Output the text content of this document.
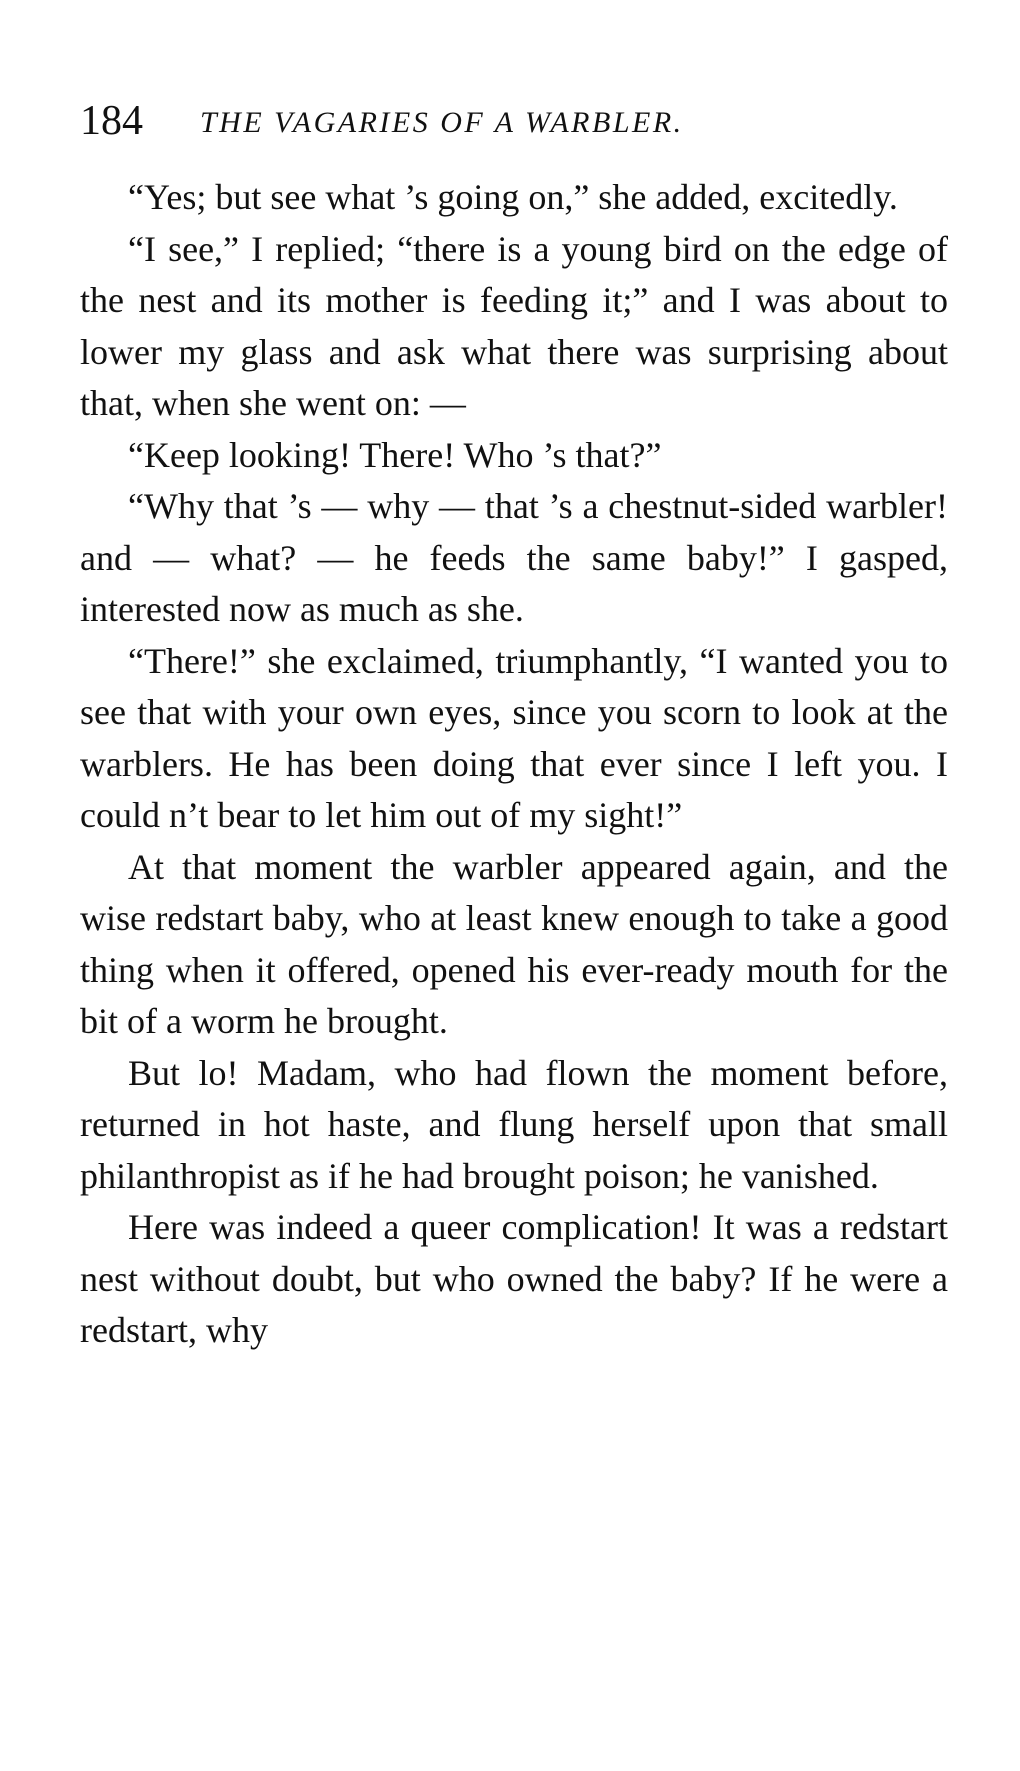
184 THE VAGARIES OF A WARBLER.

“Yes; but see what ’s going on,” she added, excitedly.

“I see,” I replied; “there is a young bird on the edge of the nest and its mother is feeding it;” and I was about to lower my glass and ask what there was surprising about that, when she went on: —

“Keep looking! There! Who ’s that?”

“Why that ’s — why — that ’s a chestnut-sided warbler! and — what? — he feeds the same baby!” I gasped, interested now as much as she.

“There!” she exclaimed, triumphantly, “I wanted you to see that with your own eyes, since you scorn to look at the warblers. He has been doing that ever since I left you. I could n’t bear to let him out of my sight!”

At that moment the warbler appeared again, and the wise redstart baby, who at least knew enough to take a good thing when it offered, opened his ever-ready mouth for the bit of a worm he brought.

But lo! Madam, who had flown the moment before, returned in hot haste, and flung herself upon that small philanthropist as if he had brought poison; he vanished.

Here was indeed a queer complication! It was a redstart nest without doubt, but who owned the baby? If he were a redstart, why
